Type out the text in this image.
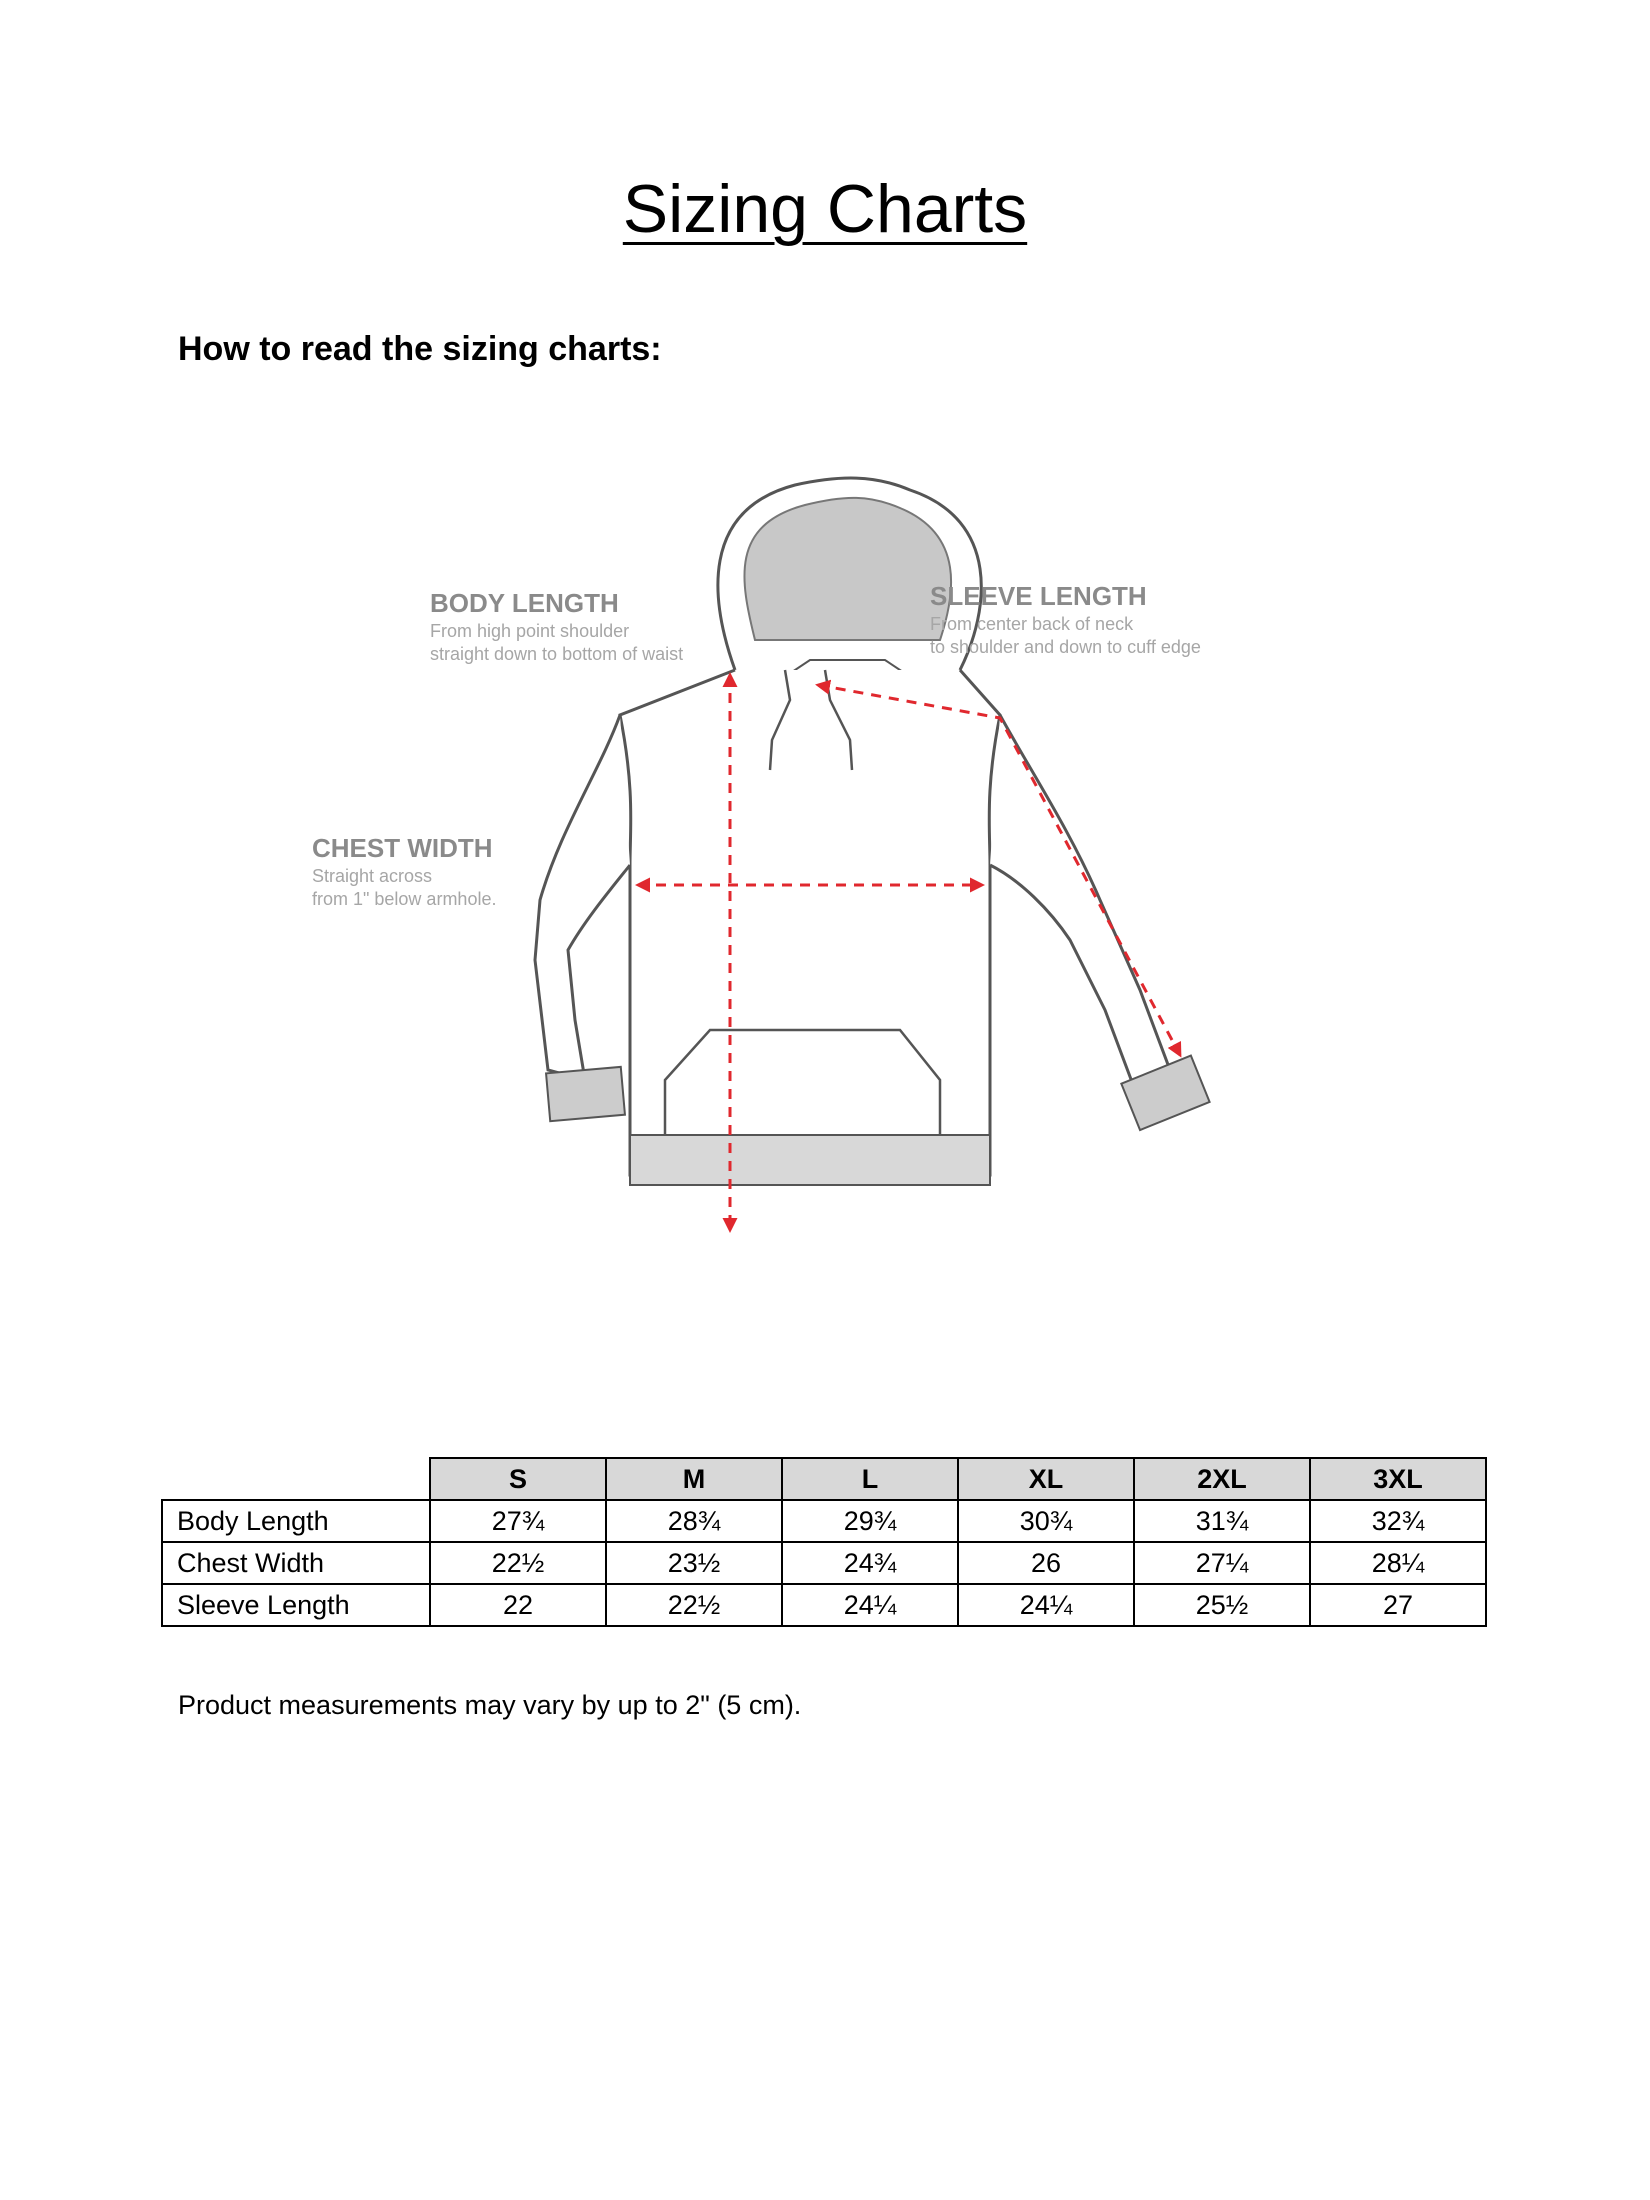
Sizing Charts
How to read the sizing charts:
BODY LENGTH
From high point shoulder
straight down to bottom of waist
SLEEVE LENGTH
From center back of neck
to shoulder and down to cuff edge
CHEST WIDTH
Straight across
from 1" below armhole.
	S	M	L	XL	2XL	3XL
Body Length	27¾	28¾	29¾	30¾	31¾	32¾
Chest Width	22½	23½	24¾	26	27¼	28¼
Sleeve Length	22	22½	24¼	24¼	25½	27

Product measurements may vary by up to 2" (5 cm).
